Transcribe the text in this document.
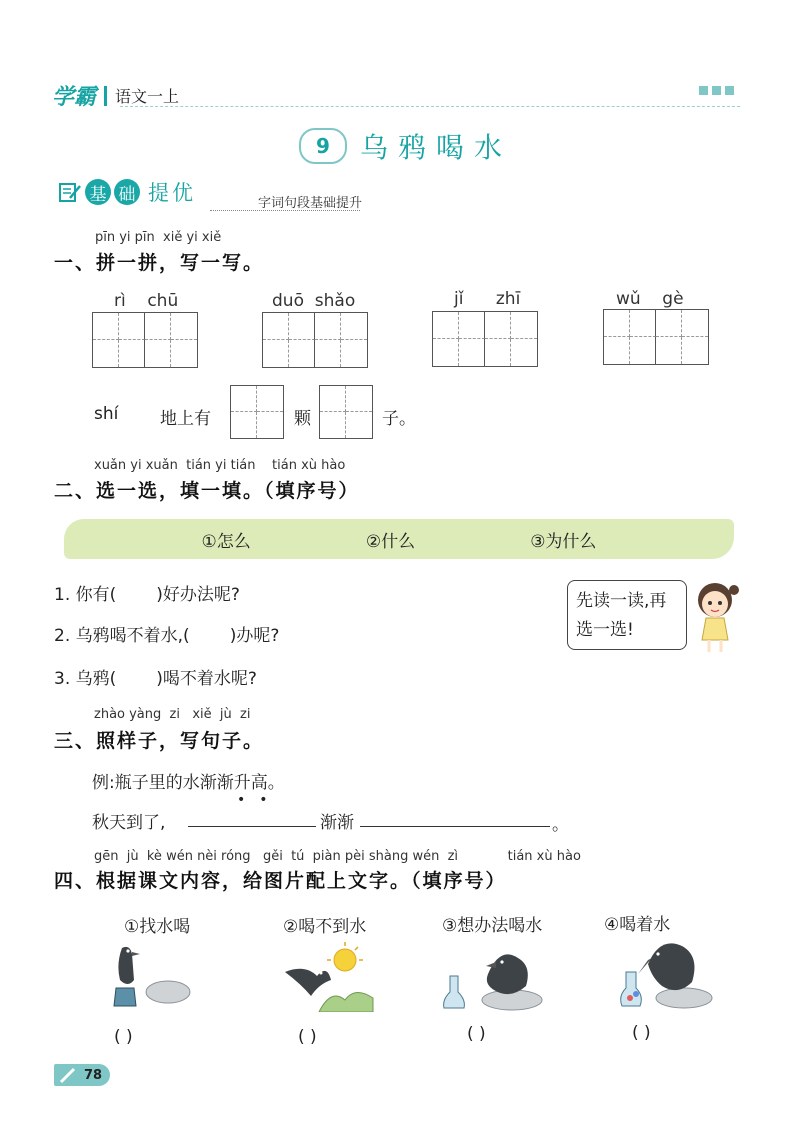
学霸 语文一上
9	乌鸦喝水
基 础 提优	字词句段基础提升
pīn yi pīn  xiě yi xiě
一、拼一拼，写一写。
rì    chū	duō  shǎo	jǐ      zhī	wǔ    gè
shí 地上有	颗	子。
xuǎn yi xuǎn  tián yi tián    tián xù hào
二、选一选，填一填。（填序号）
①怎么	②什么	③为什么
1. 你有( )好办法呢?
2. 乌鸦喝不着水,( )办呢?
3. 乌鸦( )喝不着水呢?
先读一读,再
选一选!
zhào yàng  zi   xiě  jù  zi
三、照样子，写句子。
例:瓶子里的水渐渐升高。
••
秋天到了,	渐渐	。
gēn  jù  kè wén nèi róng   gěi  tú  piàn pèi shàng wén  zì            tián xù hào
四、根据课文内容，给图片配上文字。（填序号）
①找水喝	②喝不到水	③想办法喝水	④喝着水
( )	( )	( )	( )
78
